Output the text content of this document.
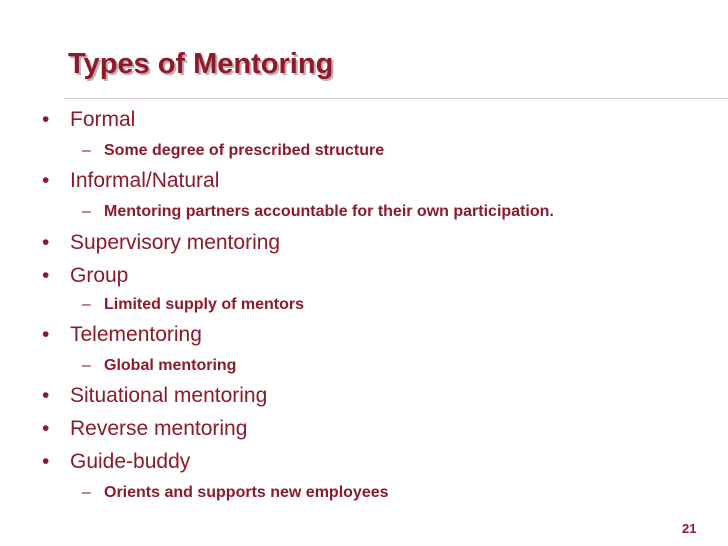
Types of Mentoring
• Formal
– Some degree of prescribed structure
• Informal/Natural
– Mentoring partners accountable for their own participation.
• Supervisory mentoring
• Group
– Limited supply of mentors
• Telementoring
– Global mentoring
• Situational mentoring
• Reverse mentoring
• Guide-buddy
– Orients and supports new employees
21
